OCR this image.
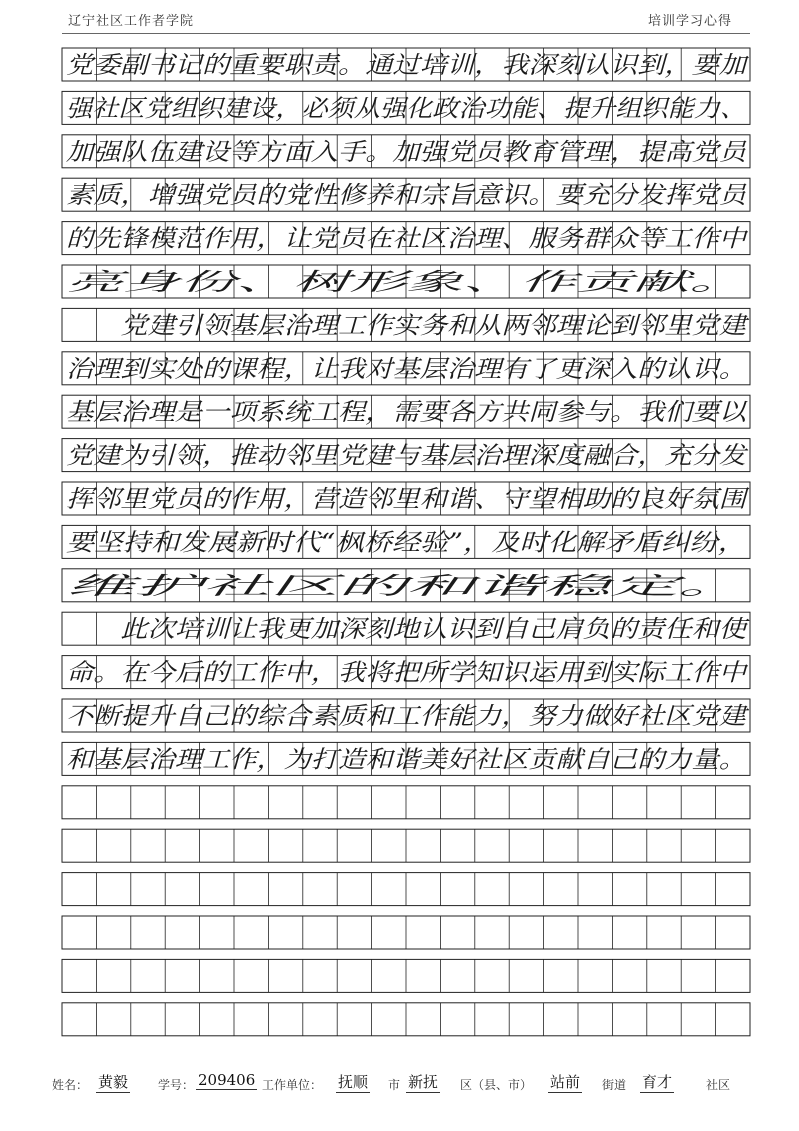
辽宁社区工作者学院	培训学习心得
党委副书记的重要职责。通过培训，我深刻认识到，要加
强社区党组织建设，必须从强化政治功能、提升组织能力、
加强队伍建设等方面入手。加强党员教育管理，提高党员
素质，增强党员的党性修养和宗旨意识。要充分发挥党员
的先锋模范作用，让党员在社区治理、服务群众等工作中
亮身份、树形象、作贡献。
　　党建引领基层治理工作实务和从两邻理论到邻里党建
治理到实处的课程，让我对基层治理有了更深入的认识。
基层治理是一项系统工程，需要各方共同参与。我们要以
党建为引领，推动邻里党建与基层治理深度融合，充分发
挥邻里党员的作用，营造邻里和谐、守望相助的良好氛围
要坚持和发展新时代“枫桥经验”，及时化解矛盾纠纷，
维护社区的和谐稳定。
　　此次培训让我更加深刻地认识到自己肩负的责任和使
命。在今后的工作中，我将把所学知识运用到实际工作中
不断提升自己的综合素质和工作能力，努力做好社区党建
和基层治理工作，为打造和谐美好社区贡献自己的力量。
姓名： 黄毅 学号： 209406 工作单位： 抚顺 市 新抚 区（县、市） 站前 街道 育才	社区
